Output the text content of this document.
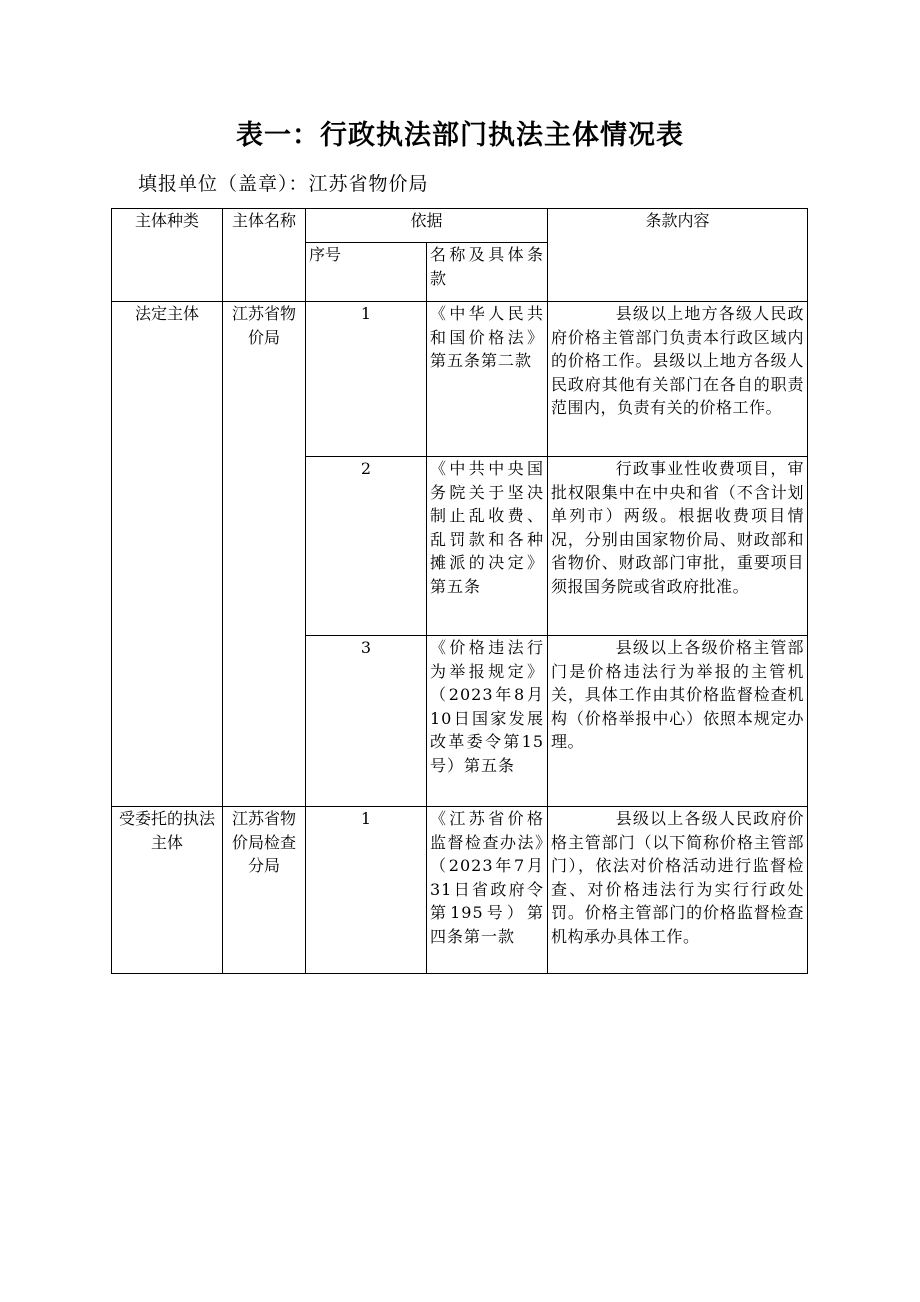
表一：行政执法部门执法主体情况表
填报单位（盖章）：江苏省物价局
主体种类	主体名称	依据		条款内容
		序号	名称及具体条款	
法定主体	江苏省物价局	1	《中华人民共和国价格法》第五条第二款	县级以上地方各级人民政府价格主管部门负责本行政区域内的价格工作。县级以上地方各级人民政府其他有关部门在各自的职责范围内，负责有关的价格工作。
		2	《中共中央国务院关于坚决制止乱收费、乱罚款和各种摊派的决定》第五条	行政事业性收费项目，审批权限集中在中央和省（不含计划单列市）两级。根据收费项目情况，分别由国家物价局、财政部和省物价、财政部门审批，重要项目须报国务院或省政府批准。
		3	《价格违法行为举报规定》（2023年8月10日国家发展改革委令第15号）第五条	县级以上各级价格主管部门是价格违法行为举报的主管机关，具体工作由其价格监督检查机构（价格举报中心）依照本规定办理。
受委托的执法主体	江苏省物价局检查分局	1	《江苏省价格监督检查办法》（2023年7月31日省政府令第195号）第四条第一款	县级以上各级人民政府价格主管部门（以下简称价格主管部门），依法对价格活动进行监督检查、对价格违法行为实行行政处罚。价格主管部门的价格监督检查机构承办具体工作。
